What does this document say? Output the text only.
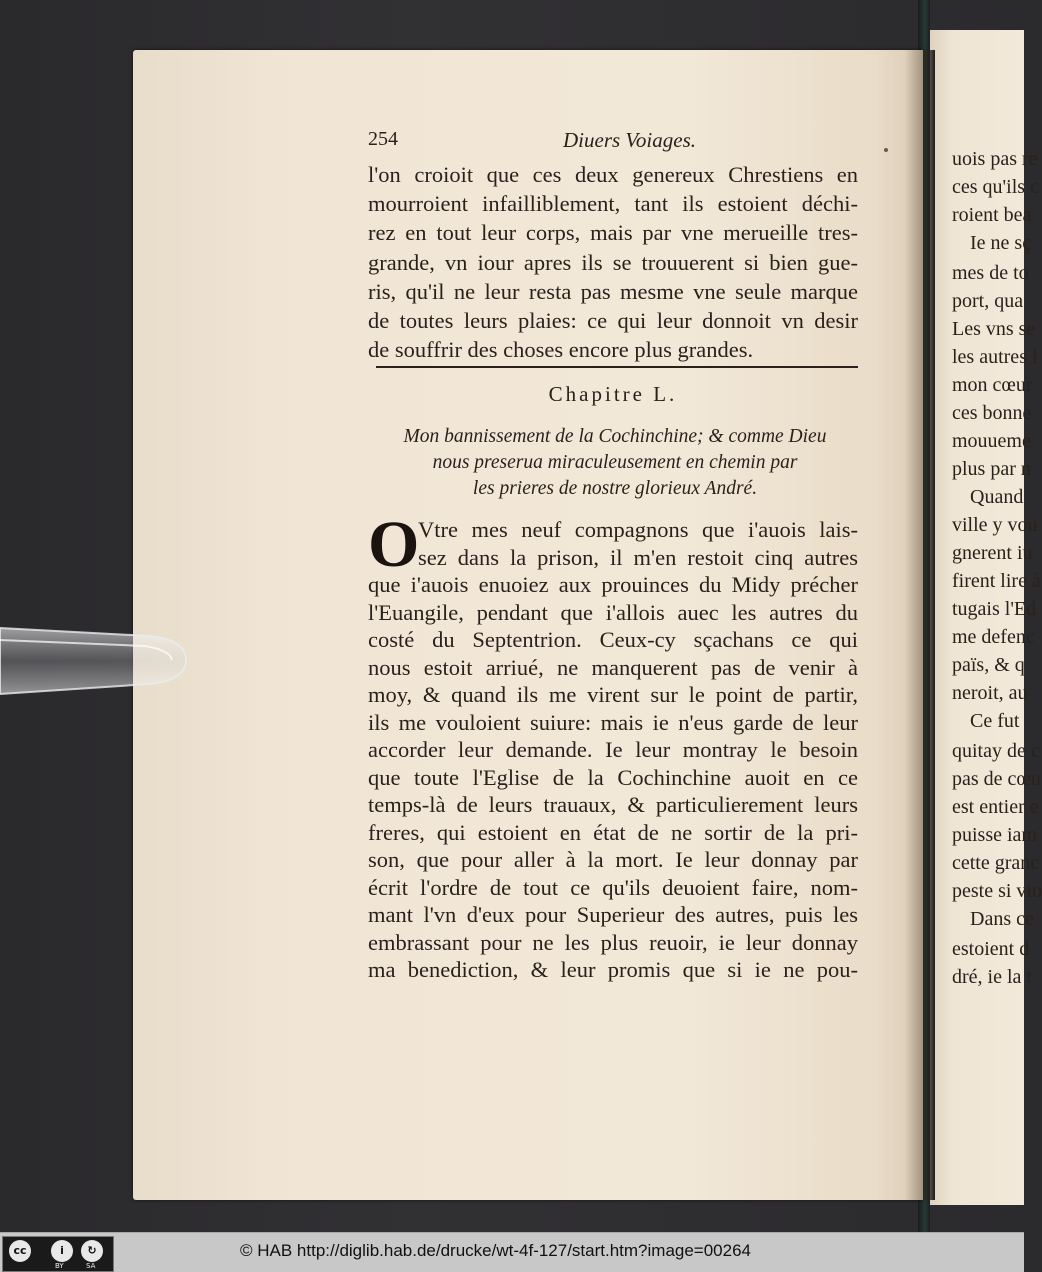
uois pas re
ces qu'ils c
roient bea
Ie ne sç
mes de to
port, qua
Les vns se
les autres l
mon cœur
ces bonne
mouueme
plus par n
Quand
ville y vou
gnerent iu
firent lire à
tugais l'Ed
me defenc
païs, & q
neroit, au
Ce fut
quitay de c
pas de cœu
est entier e
puisse iam
cette granc
peste si vio
Dans ce
estoient d
dré, ie la t
254	Diuers Voiages.
l'on croioit que ces deux genereux Chrestiens en
mourroient infailliblement, tant ils estoient déchi-
rez en tout leur corps, mais par vne merueille tres-
grande, vn iour apres ils se trouuerent si bien gue-
ris, qu'il ne leur resta pas mesme vne seule marque
de toutes leurs plaies: ce qui leur donnoit vn desir
de souffrir des choses encore plus grandes.
Chapitre L.
Mon bannissement de la Cochinchine; & comme Dieu
nous preserua miraculeusement en chemin par
les prieres de nostre glorieux André.
O
Vtre mes neuf compagnons que i'auois lais-
sez dans la prison, il m'en restoit cinq autres
que i'auois enuoiez aux prouinces du Midy précher
l'Euangile, pendant que i'allois auec les autres du
costé du Septentrion. Ceux-cy sçachans ce qui
nous estoit arriué, ne manquerent pas de venir à
moy, & quand ils me virent sur le point de partir,
ils me vouloient suiure: mais ie n'eus garde de leur
accorder leur demande. Ie leur montray le besoin
que toute l'Eglise de la Cochinchine auoit en ce
temps-là de leurs trauaux, & particulierement leurs
freres, qui estoient en état de ne sortir de la pri-
son, que pour aller à la mort. Ie leur donnay par
écrit l'ordre de tout ce qu'ils deuoient faire, nom-
mant l'vn d'eux pour Superieur des autres, puis les
embrassant pour ne les plus reuoir, ie leur donnay
ma benediction, & leur promis que si ie ne pou-
cc	i	↻
BY	SA
© HAB http://diglib.hab.de/drucke/wt-4f-127/start.htm?image=00264
